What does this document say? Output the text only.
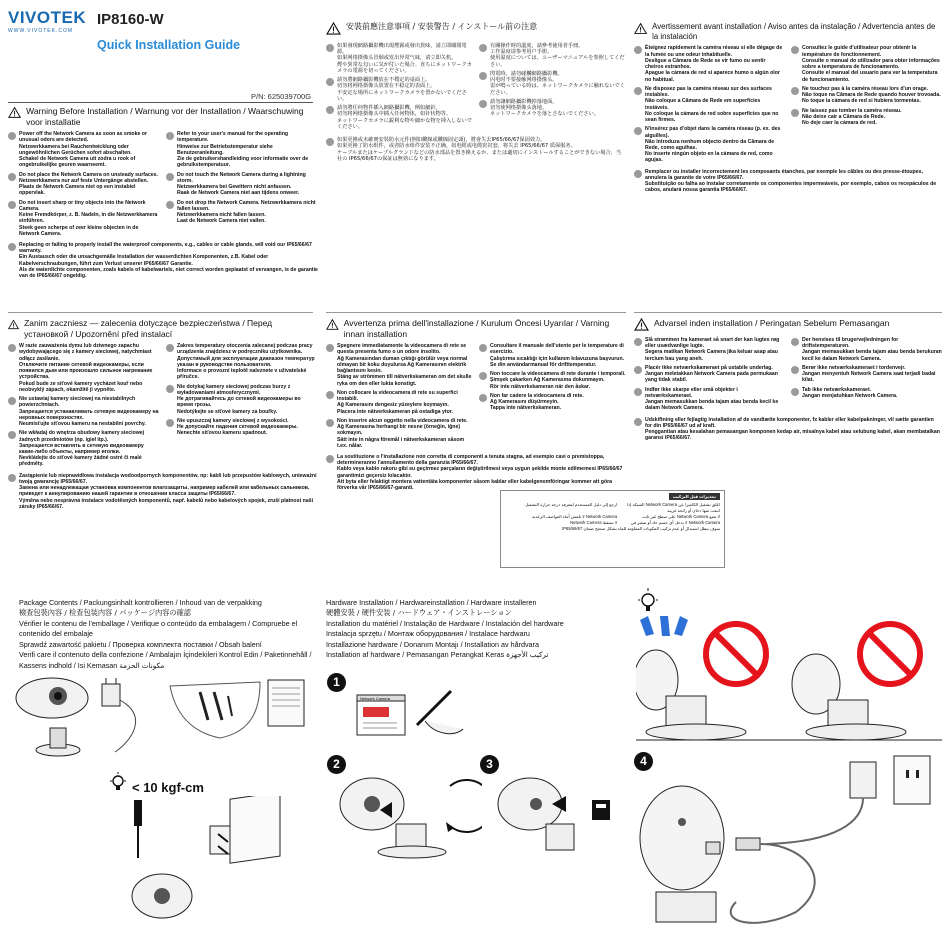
VIVOTEK
WWW.VIVOTEK.COM
IP8160-W
Quick Installation Guide
P/N: 625039700G
Warning Before Installation / Warnung vor der Installation / Waarschuwing voor installatie
Power off the Network Camera as soon as smoke or unusual odors are detected.
Netzwerkkamera bei Rauchentwicklung oder ungewöhnlichen Gerüchen sofort abschalten.
Schakel de Network Camera uit zodra u rook of ongebruikelijke geuren waarneemt.
Do not place the Network Camera on unsteady surfaces.
Netzwerkkamera nur auf feste Untergänge abstellen.
Plaats de Network Camera niet op een instabiel oppervlak.
Do not insert sharp or tiny objects into the Network Camera.
Keine Fremdkörper, z. B. Nadeln, in die Netzwerkkamera einführen.
Steek geen scherpe of zeer kleine objecten in de Network Camera.
Refer to your user's manual for the operating temperature.
Hinweise zur Betriebstemperatur siehe Benutzeranleitung.
Zie de gebruikershandleiding voor informatie over de gebruikstemperatuur.
Do not touch the Network Camera during a lightning storm.
Netzwerkkamera bei Gewittern nicht anfassen.
Raak de Network Camera niet aan tijdens onweer.
Do not drop the Network Camera. Netzwerkkamera nicht fallen lassen.
Netzwerkkamera nicht fallen lassen.
Laat de Network Camera niet vallen.
Replacing or failing to properly install the waterproof components, e.g., cables or cable glands, will void our IP65/66/67 warranty.
Ein Austausch oder die unsachgemäße Installation der wasserdichten Komponenten, z.B. Kabel oder Kabelverschraubungen, führt zum Verlust unserer IP65/66/67 Garantie.
Als de waterdichte componenten, zoals kabels of kabelwartels, niet correct worden geplaatst of vervangen, is de garantie van de IP65/66/67 ongeldig.
安裝前應注意事項 / 安装警告 / インストール前の注意
如果發現網路攝影機出現煙霧或發出異味，請立即關閉電源。
如果网络摄像头冒烟或发出异常气味，请立即关机。
煙や異常な匂いに気が付いた場合、直ちにネットワークカメラの電源を切ってください。
請勿將網路攝影機放在不穩定的桌面上。
切勿将网络摄像头放置在不稳定的表面上。
不安定な場所にネットワークカメラを置かないでください。
請勿將任何物件插入網路攝影機，例如細針。
切勿将网络摄像头中插入任何物体，如针状物等。
ネットワークカメラに鋭利な物や細かな物を挿入しないでください。
有關操作時的溫度，請參考使用者手冊。
工作温度请参考用户手册。
使用温度については、ユーザーマニュアルを参照してください。
閃電時，請勿碰觸網路攝影機。
闪电时不要接触网络摄像头。
雷が鳴っている時は、ネットワークカメラに触れないでください。
請勿讓網路攝影機掉落地面。
切勿使网络摄像头落地。
ネットワークカメラを落とさないでください。
如果更換或未確實安裝防水元件(例如纜線或纜線固定頭)，將會失去IP65/66/67保固效力。
如果更换了防水组件，或者防水组件安装不正确，如电缆或电缆密封套，将失去 IP65/66/67 质保服务。
ケーブルまたはケーブルグランドなどの防水部品を置き換えるか、または適切にインストールすることができない場合、当社の IP65/66/67の保証は無効になります。
Avertissement avant installation / Aviso antes da instalação / Advertencia antes de la instalación
Éteignez rapidement la caméra réseau si elle dégage de la fumée ou une odeur inhabituelle.
Desligue a Câmara de Rede se vir fumo ou sentir cheiros estranhos.
Apague la cámara de red si aparece humo o algún olor no habitual.
Ne disposez pas la caméra réseau sur des surfaces instables.
Não coloque a Câmara de Rede em superfícies instáveis.
No coloque la cámara de red sobre superficies que no sean firmes.
N'insérez pas d'objet dans la caméra réseau (p. ex. des aiguilles).
Não introduza nenhum objecto dentro da Câmara de Rede, como agulhas.
No inserte ningún objeto en la cámara de red, como agujas.
Consultez le guide d'utilisateur pour obtenir la température de fonctionnement.
Consulte o manual do utilizador para obter informações sobre a temperatura de funcionamento.
Consulte el manual del usuario para ver la temperatura de funcionamiento.
Ne touchez pas à la caméra réseau lors d'un orage.
Não toque na Câmara de Rede quando houver trovoada.
No toque la cámara de red si hubiera tormentas.
Ne laissez pas tomber la caméra réseau.
Não deixe cair a Câmara de Rede.
No deje caer la cámara de red.
Remplacer ou installer incorrectement les composants étanches, par exemple les câbles ou des presse-étoupes, annulera la garantie de votre IP65/66/67.
Substituição ou falha ao instalar corretamente os componentes impermeáveis, por exemplo, cabos os recepáculos de cabos, anulará nossa garantia IP65/66/67.
Zanim zaczniesz — zalecenia dotyczące bezpieczeństwa / Перед установкой / Upozornění před instalací
W razie zauważenia dymu lub dziwnego zapachu wydobywającego się z kamery sieciowej, natychmiast odłącz zasilanie.
Отключите питание сетевой видеокамеры, если появился дым или произошло сильное нагревание устройства.
Pokud bude ze síťové kamery vycházet kouř nebo neobvyklý zápach, okamžitě ji vypněte.
Nie ustawiaj kamery sieciowej na niestabilnych powierzchniach.
Запрещается устанавливать сетевую видеокамеру на неровных поверхностях.
Neumísťujte síťovou kameru na nestabilní povrchy.
Nie wkładaj do wnętrza obudowy kamery sieciowej żadnych przedmiotów (np. igieł itp.).
Запрещается вставлять в сетевую видеокамеру какие-либо объекты, например иголки.
Nevkládejte do síťové kamery žádné ostré či malé předměty.
Zakres temperatury otoczenia zalecanej podczas pracy urządzenia znajdziesz w podręczniku użytkownika.
Допустимый для эксплуатации диапазон температур указан в руководстве пользователя.
Informace o provozní teplotě naleznete v uživatelské příručce.
Nie dotykaj kamery sieciowej podczas burzy z wyładowaniami atmosferycznymi.
Не дотрагивайтесь до сетевой видеокамеры во время грозы.
Nedotýkejte se síťové kamery za bouřky.
Nie upuszczaj kamery sieciowej z wysokości.
Не допускайте падения сетевой видеокамеры.
Nenechte síťovou kameru spadnout.
Zastąpienie lub nieprawidłowa instalacja wodoodpornych komponentów, np: kabli lub przepustów kablowych, unieważni twoją gwarancję IP65/66/67.
Замена или ненадлежащая установка компонентов влагозащиты, например кабелей или кабельных сальников, приведет к аннулированию нашей гарантии в отношении класса защиты IP65/66/67.
Výměna nebo nesprávná instalace vodotěsných komponentů, např. kabelů nebo kabelových spojek, zruší platnost naší záruky IP65/66/67.
Avvertenza prima dell'installazione / Kurulum Öncesi Uyarılar / Varning innan installation
Spegnere immediatamente la videocamera di rete se questa presenta fumo o un odore insolito.
Ağ Kamerasından duman çıktığı görülür veya normal olmayan bir koku duyulursa Ağ Kamerasının elektrik bağlantısını kesin.
Stäng av strömmen till nätverkskameran om det skulle ryka om den eller lukta konstigt.
Non collocare la videocamera di rete su superfici instabili.
Ağ Kamerasını dengesiz yüzeylere koymayın.
Placera inte nätverkskameran på ostadiga ytor.
Non inserire alcun oggetto nella videocamera di rete.
Ağ Kamerasına herhangi bir nesne (örneğin, iğne) sokmayın.
Sätt inte in några föremål i nätverkskameran såsom t.ex. nålar.
Consultare il manuale dell'utente per le temperature di esercizio.
Çalıştırma sıcaklığı için kullanım kılavuzuna başvurun.
Se din användarmanual för drifttemperatur.
Non toccare la videocamera di rete durante i temporali.
Şimşek çakarken Ağ Kamerasına dokunmayın.
Rör inte nätverkskameran när den åskar.
Non far cadere la videocamera di rete.
Ağ Kamerasını düşürmeyin.
Tappa inte nätverkskameran.
La sostituzione o l'installazione non corretta di componenti a tenuta stagna, ad esempio cavi o premistoppa, determineranno l'annullamento della garanzia IP65/66/67.
Kablo veya kablo rakoru gibi su geçirmez parçaların değiştirilmesi veya uygun şekilde monte edilmemesi IP65/66/67 garantimizi geçersiz kılacaktır.
Att byta eller felaktigt montera vattentäta komponenter såsom kablar eller kabelgenomföringar kommer att göra förverka vår IP65/66/67-garanti.
Advarsel inden installation / Peringatan Sebelum Pemasangan
Slå strømmen fra kameraet så snart der kan lugtes røg eller usædvanlige lugte.
Segera matikan Network Camera jika keluar asap atau tercium bau yang aneh.
Placér ikke netværkskameraet på ustabile underlag.
Jangan meletakkan Network Camera pada permukaan yang tidak stabil.
Indfør ikke skarpe eller små objekter i netværkskameraet.
Jangan memasukkan benda tajam atau benda kecil ke dalam Network Camera.
Der henvises til brugervejledningen for driftstemperaturen.
Jangan memasukkan benda tajam atau benda berukuran kecil ke dalam Network Camera.
Berør ikke netværkskameraet i tordenvejr.
Jangan menyentuh Network Camera saat terjadi badai kilat.
Tab ikke netværkskameraet.
Jangan menjatuhkan Network Camera.
Udskiftning eller fejlagtig installation af de vandtætte komponenter, fx kabler eller kabelpakninger, vil sætte garantien for din IP65/66/67 ud af kraft.
Penggantian atau kesalahan pemasangan komponen kedap air, misalnya kabel atau selubung kabel, akan membatalkan garansi IP65/66/67.
تحذيرات قبل التركيب
اغلق تشغيل الكاميرا عن Network Camera الشبكة إذا انبعث منها دخان أو رائحة غريبة
ارجع إلى دليل المستخدم لمعرفة درجة حرارة التشغيل
لا تضع Network Camera على سطح غير ثابت
Network Camera لا تلمس أثناء العواصف الرعدية
Network Camera لا تدخل أي جسم حاد أو صغير في
لا تسقط Network Camera
سوف يبطل استبدال أو عدم تركيب المكونات المقاومة للماء بشكل صحيح ضمان IP65/66/67
Package Contents / Packungsinhalt kontrollieren / Inhoud van de verpakking
檢查包裝內容 / 检查包装内容 / パッケージ内容の確認
Vérifier le contenu de l'emballage / Verifique o conteúdo da embalagem / Compruebe el contenido del embalaje
Sprawdź zawartość pakietu / Проверка комплекта поставки / Obsah balení
Verifi care il contenuto della confezione / Ambalajın İçindekileri Kontrol Edin / Paketinnehåll / Kassens indhold / Isi Kemasan مكونات الحزمة
< 10 kgf-cm
Hardware Installation / Hardwareinstallation / Hardware installeren
硬體安裝 / 硬件安装 / ハードウェア・インストレーション
Installation du matériel / Instalação de Hardware / Instalación del hardware
Instalacja sprzętu / Монтаж оборудования / Instalace hardwaru
Installazione hardware / Donanım Montajı / Installation av hårdvara
Installation af hardware / Pemasangan Perangkat Keras تركيب الأجهزة
1
Network Camera
2	3	4
